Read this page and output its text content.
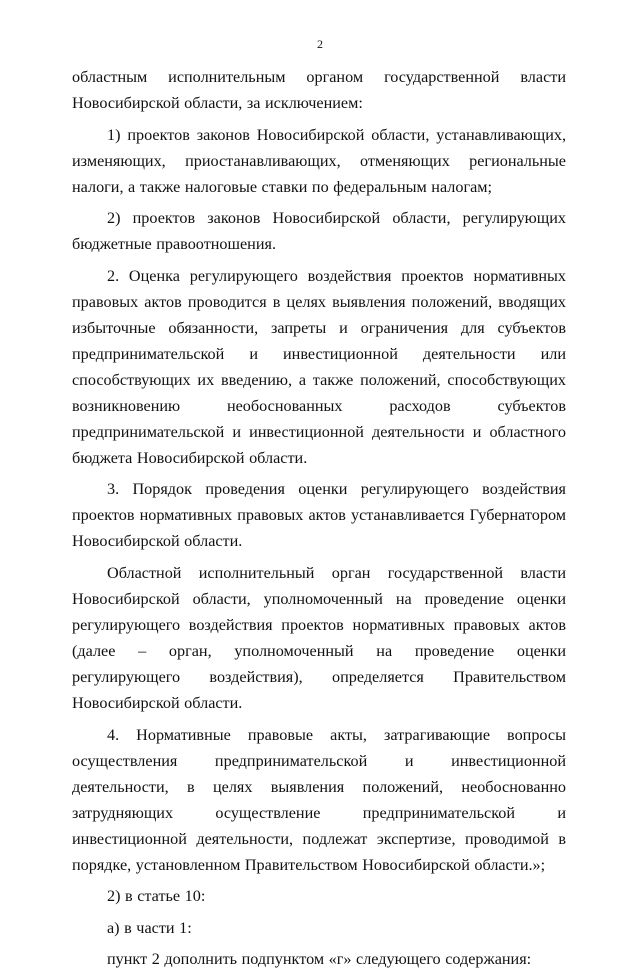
2

областным исполнительным органом государственной власти Новосибирской области, за исключением:

1) проектов законов Новосибирской области, устанавливающих, изменяющих, приостанавливающих, отменяющих региональные налоги, а также налоговые ставки по федеральным налогам;

2) проектов законов Новосибирской области, регулирующих бюджетные правоотношения.

2. Оценка регулирующего воздействия проектов нормативных правовых актов проводится в целях выявления положений, вводящих избыточные обязанности, запреты и ограничения для субъектов предпринимательской и инвестиционной деятельности или способствующих их введению, а также положений, способствующих возникновению необоснованных расходов субъектов предпринимательской и инвестиционной деятельности и областного бюджета Новосибирской области.

3. Порядок проведения оценки регулирующего воздействия проектов нормативных правовых актов устанавливается Губернатором Новосибирской области.

Областной исполнительный орган государственной власти Новосибирской области, уполномоченный на проведение оценки регулирующего воздействия проектов нормативных правовых актов (далее – орган, уполномоченный на проведение оценки регулирующего воздействия), определяется Правительством Новосибирской области.

4. Нормативные правовые акты, затрагивающие вопросы осуществления предпринимательской и инвестиционной деятельности, в целях выявления положений, необоснованно затрудняющих осуществление предпринимательской и инвестиционной деятельности, подлежат экспертизе, проводимой в порядке, установленном Правительством Новосибирской области.»;

2) в статье 10:

а) в части 1:

пункт 2 дополнить подпунктом «г» следующего содержания:
